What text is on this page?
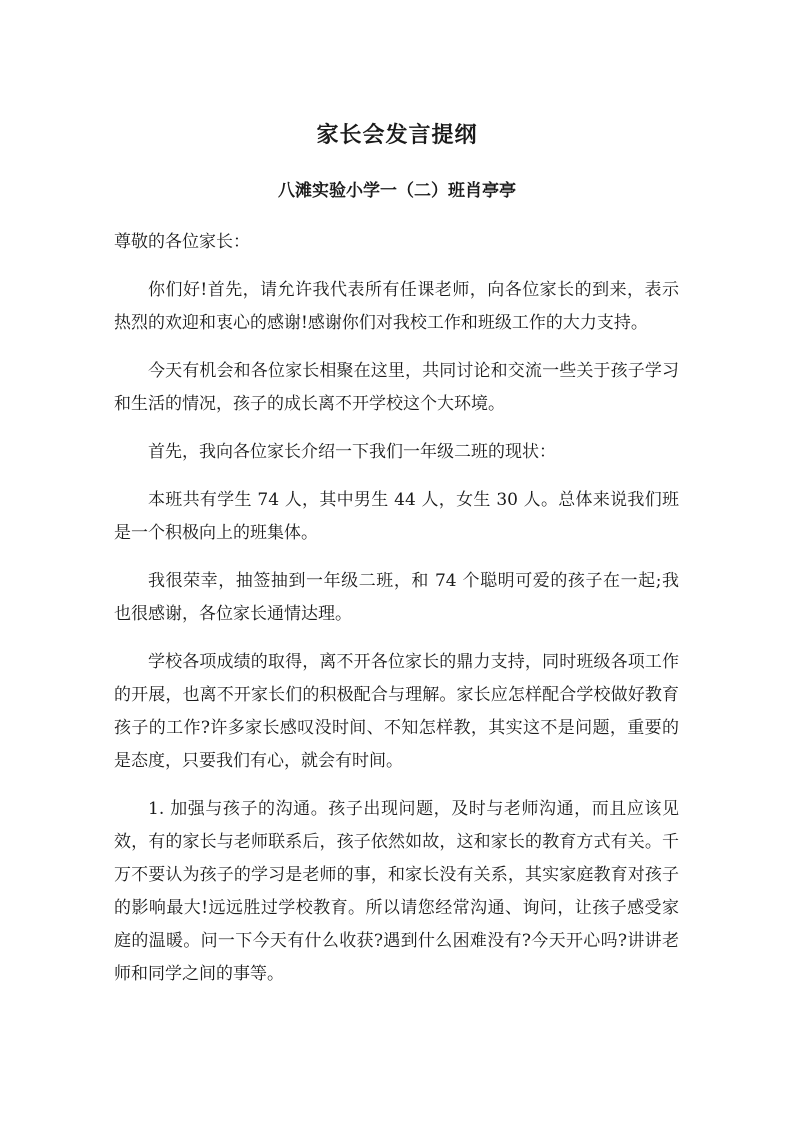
家长会发言提纲
八滩实验小学一（二）班肖亭亭

尊敬的各位家长：

你们好!首先，请允许我代表所有任课老师，向各位家长的到来，表示热烈的欢迎和衷心的感谢!感谢你们对我校工作和班级工作的大力支持。

今天有机会和各位家长相聚在这里，共同讨论和交流一些关于孩子学习和生活的情况，孩子的成长离不开学校这个大环境。

首先，我向各位家长介绍一下我们一年级二班的现状：

本班共有学生 74 人，其中男生 44 人，女生 30 人。总体来说我们班是一个积极向上的班集体。

我很荣幸，抽签抽到一年级二班，和 74 个聪明可爱的孩子在一起;我也很感谢，各位家长通情达理。

学校各项成绩的取得，离不开各位家长的鼎力支持，同时班级各项工作的开展，也离不开家长们的积极配合与理解。家长应怎样配合学校做好教育孩子的工作?许多家长感叹没时间、不知怎样教，其实这不是问题，重要的是态度，只要我们有心，就会有时间。

1. 加强与孩子的沟通。孩子出现问题，及时与老师沟通，而且应该见效，有的家长与老师联系后，孩子依然如故，这和家长的教育方式有关。千万不要认为孩子的学习是老师的事，和家长没有关系，其实家庭教育对孩子的影响最大!远远胜过学校教育。所以请您经常沟通、询问，让孩子感受家庭的温暖。问一下今天有什么收获?遇到什么困难没有?今天开心吗?讲讲老师和同学之间的事等。
